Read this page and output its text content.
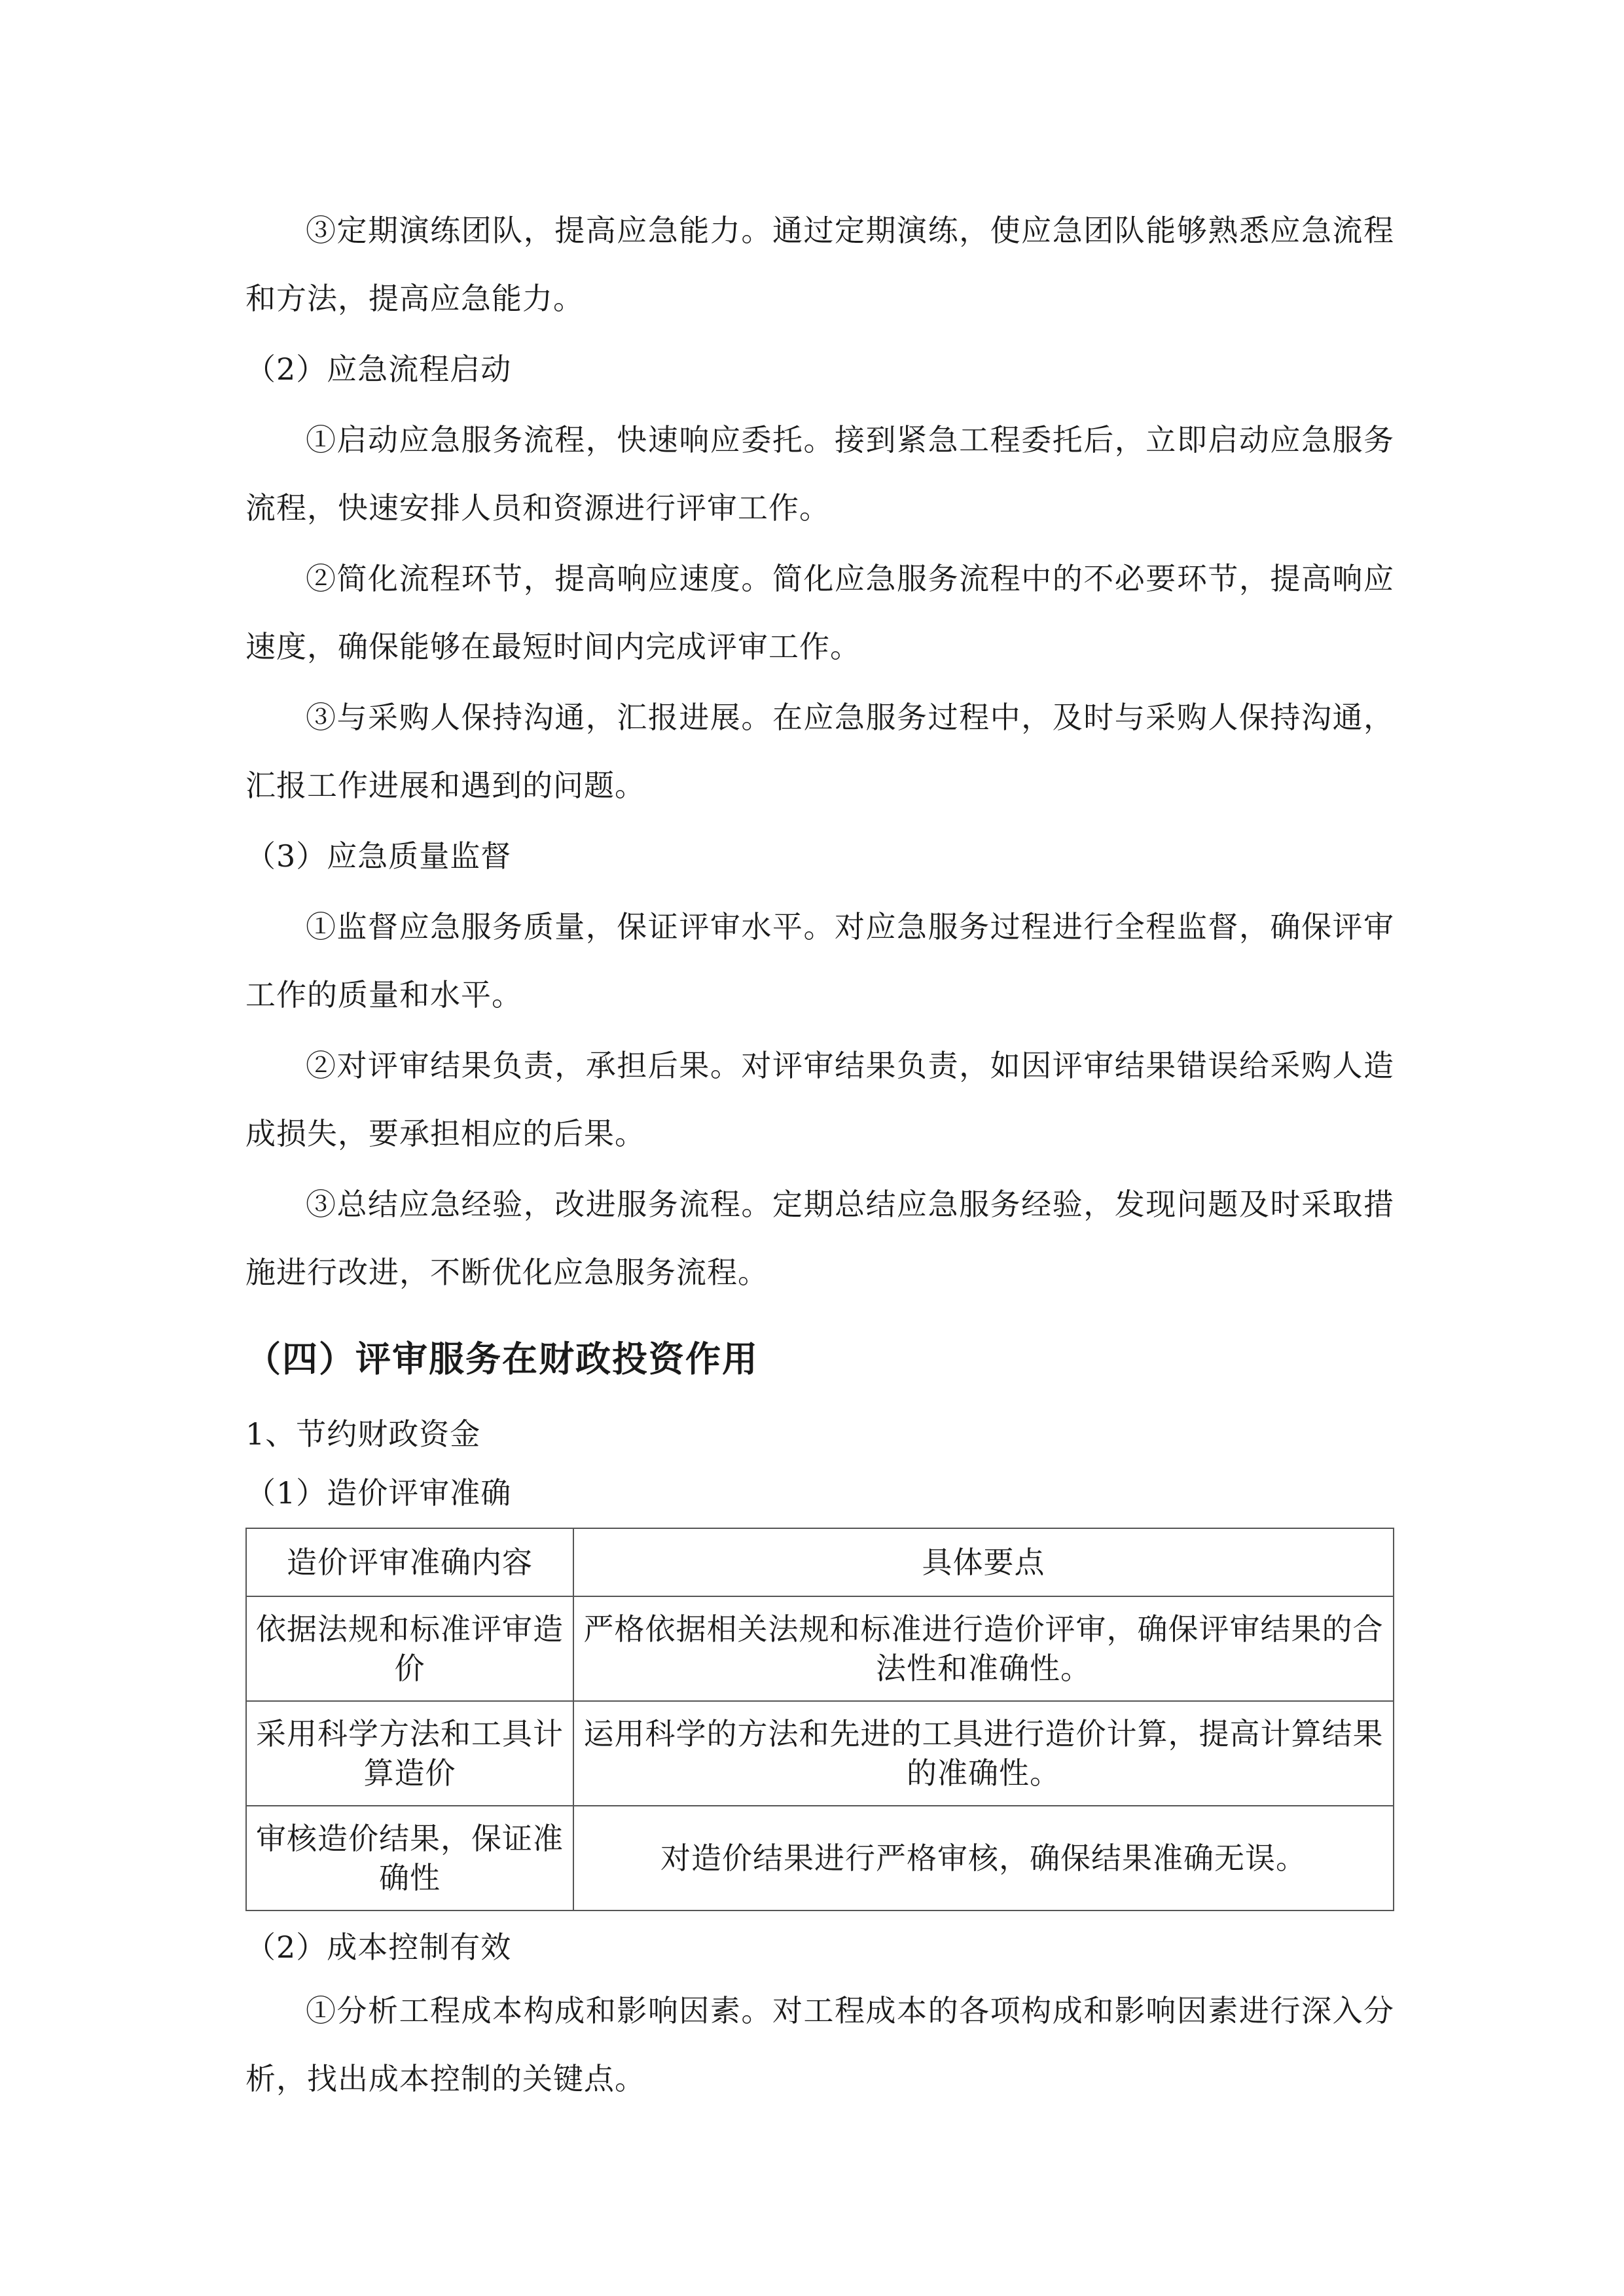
③定期演练团队，提高应急能力。通过定期演练，使应急团队能够熟悉应急流程和方法，提高应急能力。

（2）应急流程启动

①启动应急服务流程，快速响应委托。接到紧急工程委托后，立即启动应急服务流程，快速安排人员和资源进行评审工作。

②简化流程环节，提高响应速度。简化应急服务流程中的不必要环节，提高响应速度，确保能够在最短时间内完成评审工作。

③与采购人保持沟通，汇报进展。在应急服务过程中，及时与采购人保持沟通，汇报工作进展和遇到的问题。

（3）应急质量监督

①监督应急服务质量，保证评审水平。对应急服务过程进行全程监督，确保评审工作的质量和水平。

②对评审结果负责，承担后果。对评审结果负责，如因评审结果错误给采购人造成损失，要承担相应的后果。

③总结应急经验，改进服务流程。定期总结应急服务经验，发现问题及时采取措施进行改进，不断优化应急服务流程。

（四）评审服务在财政投资作用

1、节约财政资金

（1）造价评审准确

造价评审准确内容	具体要点
依据法规和标准评审造价	严格依据相关法规和标准进行造价评审，确保评审结果的合法性和准确性。
采用科学方法和工具计算造价	运用科学的方法和先进的工具进行造价计算，提高计算结果的准确性。
审核造价结果，保证准确性	对造价结果进行严格审核，确保结果准确无误。

（2）成本控制有效

①分析工程成本构成和影响因素。对工程成本的各项构成和影响因素进行深入分析，找出成本控制的关键点。
